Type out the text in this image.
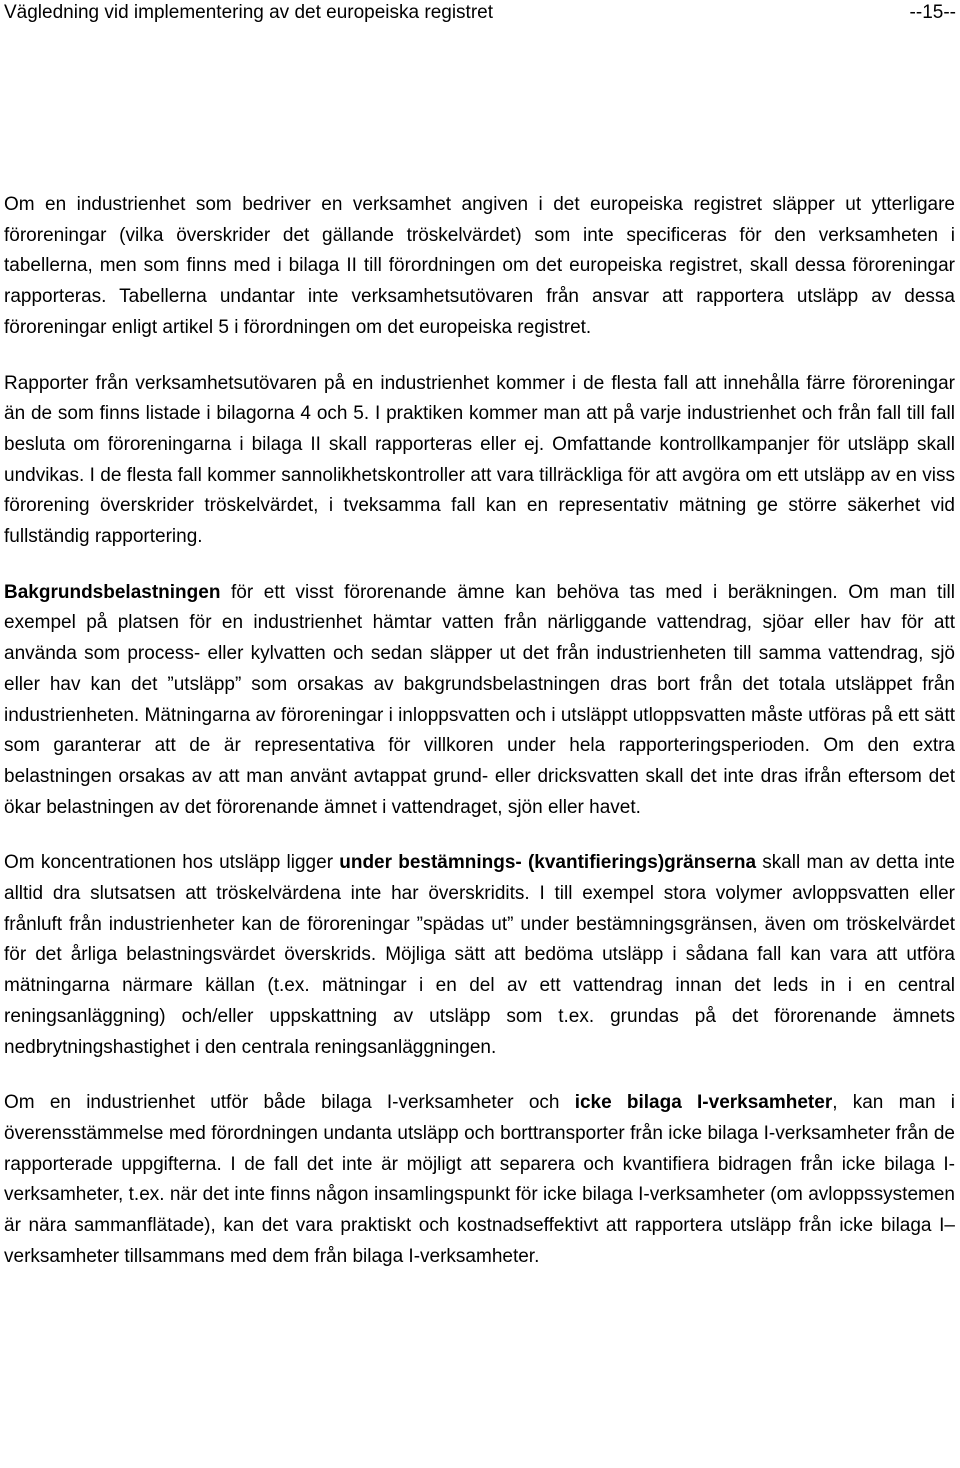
Vägledning vid implementering av det europeiska registret	--15--

Om en industrienhet som bedriver en verksamhet angiven i det europeiska registret släpper ut ytterligare föroreningar (vilka överskrider det gällande tröskelvärdet) som inte specificeras för den verksamheten i tabellerna, men som finns med i bilaga II till förordningen om det europeiska registret, skall dessa föroreningar rapporteras. Tabellerna undantar inte verksamhetsutövaren från ansvar att rapportera utsläpp av dessa föroreningar enligt artikel 5 i förordningen om det europeiska registret.

Rapporter från verksamhetsutövaren på en industrienhet kommer i de flesta fall att innehålla färre föroreningar än de som finns listade i bilagorna 4 och 5. I praktiken kommer man att på varje industrienhet och från fall till fall besluta om föroreningarna i bilaga II skall rapporteras eller ej. Omfattande kontrollkampanjer för utsläpp skall undvikas. I de flesta fall kommer sannolikhetskontroller att vara tillräckliga för att avgöra om ett utsläpp av en viss förorening överskrider tröskelvärdet, i tveksamma fall kan en representativ mätning ge större säkerhet vid fullständig rapportering.

Bakgrundsbelastningen för ett visst förorenande ämne kan behöva tas med i beräkningen. Om man till exempel på platsen för en industrienhet hämtar vatten från närliggande vattendrag, sjöar eller hav för att använda som process- eller kylvatten och sedan släpper ut det från industrienheten till samma vattendrag, sjö eller hav kan det ”utsläpp” som orsakas av bakgrundsbelastningen dras bort från det totala utsläppet från industrienheten. Mätningarna av föroreningar i inloppsvatten och i utsläppt utloppsvatten måste utföras på ett sätt som garanterar att de är representativa för villkoren under hela rapporteringsperioden. Om den extra belastningen orsakas av att man använt avtappat grund- eller dricksvatten skall det inte dras ifrån eftersom det ökar belastningen av det förorenande ämnet i vattendraget, sjön eller havet.

Om koncentrationen hos utsläpp ligger under bestämnings- (kvantifierings)gränserna skall man av detta inte alltid dra slutsatsen att tröskelvärdena inte har överskridits. I till exempel stora volymer avloppsvatten eller frånluft från industrienheter kan de föroreningar ”spädas ut” under bestämningsgränsen, även om tröskelvärdet för det årliga belastningsvärdet överskrids. Möjliga sätt att bedöma utsläpp i sådana fall kan vara att utföra mätningarna närmare källan (t.ex. mätningar i en del av ett vattendrag innan det leds in i en central reningsanläggning) och/eller uppskattning av utsläpp som t.ex. grundas på det förorenande ämnets nedbrytningshastighet i den centrala reningsanläggningen.

Om en industrienhet utför både bilaga I-verksamheter och icke bilaga I-verksamheter, kan man i överensstämmelse med förordningen undanta utsläpp och borttransporter från icke bilaga I-verksamheter från de rapporterade uppgifterna. I de fall det inte är möjligt att separera och kvantifiera bidragen från icke bilaga I-verksamheter, t.ex. när det inte finns någon insamlingspunkt för icke bilaga I-verksamheter (om avloppssystemen är nära sammanflätade), kan det vara praktiskt och kostnadseffektivt att rapportera utsläpp från icke bilaga I–verksamheter tillsammans med dem från bilaga I-verksamheter.
